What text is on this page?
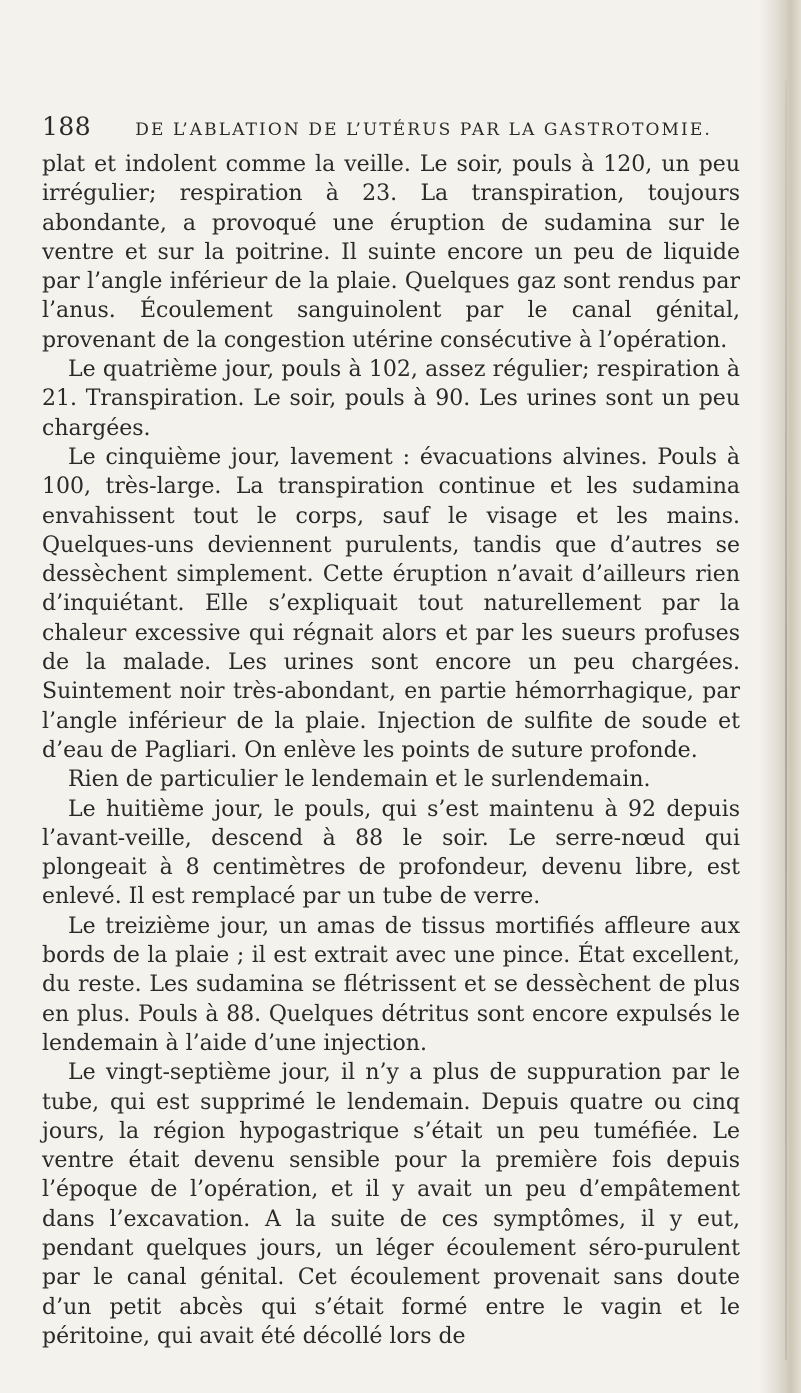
188	DE L’ABLATION DE L’UTÉRUS PAR LA GASTROTOMIE.

plat et indolent comme la veille. Le soir, pouls à 120, un peu irrégulier; respiration à 23. La transpiration, toujours abondante, a provoqué une éruption de sudamina sur le ventre et sur la poitrine. Il suinte encore un peu de liquide par l’angle inférieur de la plaie. Quelques gaz sont rendus par l’anus. Écoulement sanguinolent par le canal génital, provenant de la congestion utérine consécutive à l’opération.

Le quatrième jour, pouls à 102, assez régulier; respiration à 21. Transpiration. Le soir, pouls à 90. Les urines sont un peu chargées.

Le cinquième jour, lavement : évacuations alvines. Pouls à 100, très-large. La transpiration continue et les sudamina envahissent tout le corps, sauf le visage et les mains. Quelques-uns deviennent purulents, tandis que d’autres se dessèchent simplement. Cette éruption n’avait d’ailleurs rien d’inquiétant. Elle s’expliquait tout naturellement par la chaleur excessive qui régnait alors et par les sueurs profuses de la malade. Les urines sont encore un peu chargées. Suintement noir très-abondant, en partie hémorrhagique, par l’angle inférieur de la plaie. Injection de sulfite de soude et d’eau de Pagliari. On enlève les points de suture profonde.

Rien de particulier le lendemain et le surlendemain.

Le huitième jour, le pouls, qui s’est maintenu à 92 depuis l’avant-veille, descend à 88 le soir. Le serre-nœud qui plongeait à 8 centimètres de profondeur, devenu libre, est enlevé. Il est remplacé par un tube de verre.

Le treizième jour, un amas de tissus mortifiés affleure aux bords de la plaie ; il est extrait avec une pince. État excellent, du reste. Les sudamina se flétrissent et se dessèchent de plus en plus. Pouls à 88. Quelques détritus sont encore expulsés le lendemain à l’aide d’une injection.

Le vingt-septième jour, il n’y a plus de suppuration par le tube, qui est supprimé le lendemain. Depuis quatre ou cinq jours, la région hypogastrique s’était un peu tuméfiée. Le ventre était devenu sensible pour la première fois depuis l’époque de l’opération, et il y avait un peu d’empâtement dans l’excavation. A la suite de ces symptômes, il y eut, pendant quelques jours, un léger écoulement séro-purulent par le canal génital. Cet écoulement provenait sans doute d’un petit abcès qui s’était formé entre le vagin et le péritoine, qui avait été décollé lors de
